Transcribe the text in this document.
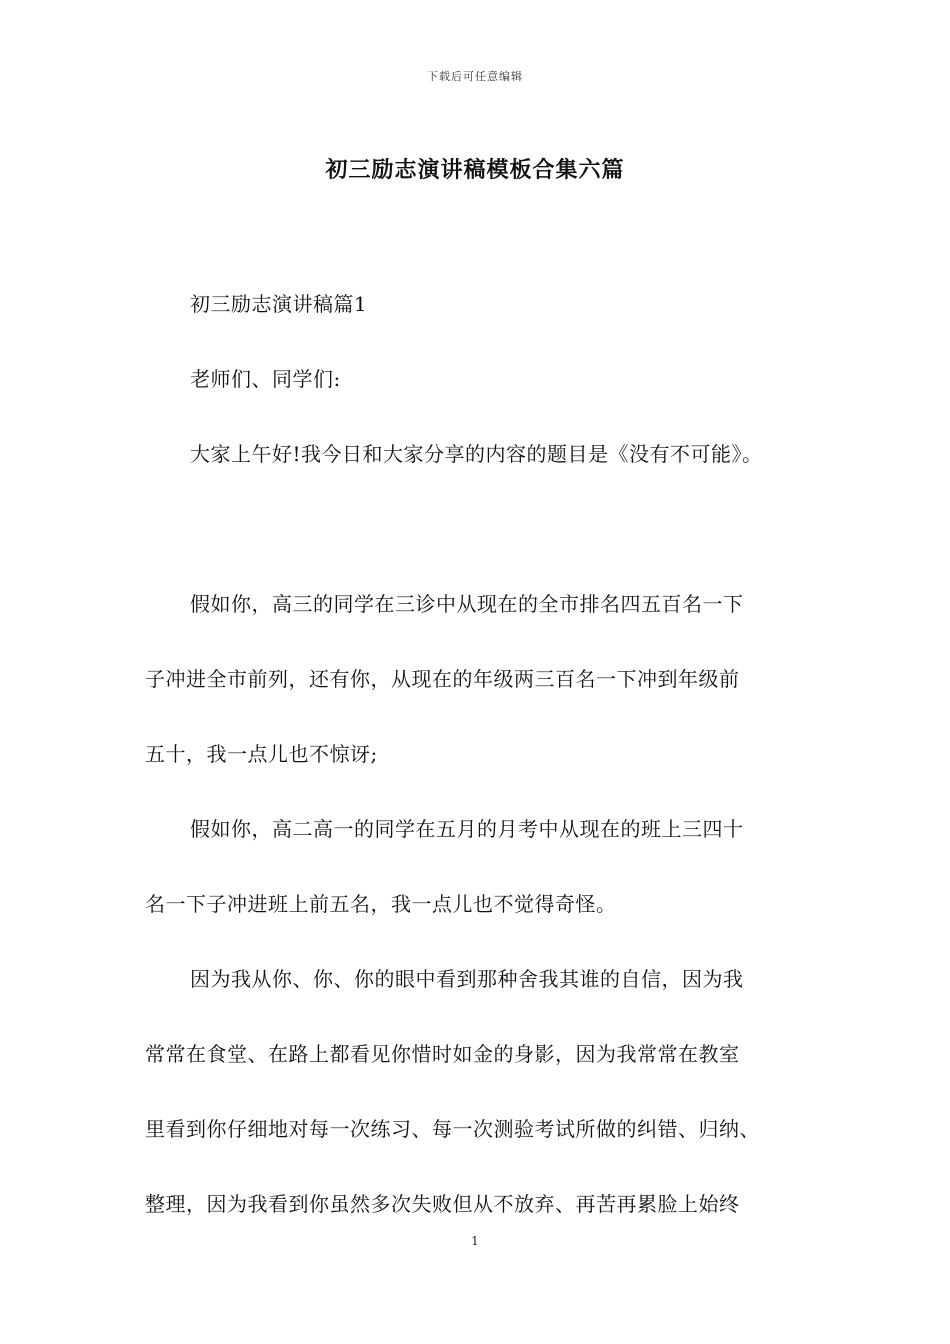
下载后可任意编辑
初三励志演讲稿模板合集六篇
初三励志演讲稿篇1
老师们、同学们:
大家上午好!我今日和大家分享的内容的题目是《没有不可能》。
假如你，高三的同学在三诊中从现在的全市排名四五百名一下
子冲进全市前列，还有你，从现在的年级两三百名一下冲到年级前
五十，我一点儿也不惊讶;
假如你，高二高一的同学在五月的月考中从现在的班上三四十
名一下子冲进班上前五名，我一点儿也不觉得奇怪。
因为我从你、你、你的眼中看到那种舍我其谁的自信，因为我
常常在食堂、在路上都看见你惜时如金的身影，因为我常常在教室
里看到你仔细地对每一次练习、每一次测验考试所做的纠错、归纳、
整理，因为我看到你虽然多次失败但从不放弃、再苦再累脸上始终
1
